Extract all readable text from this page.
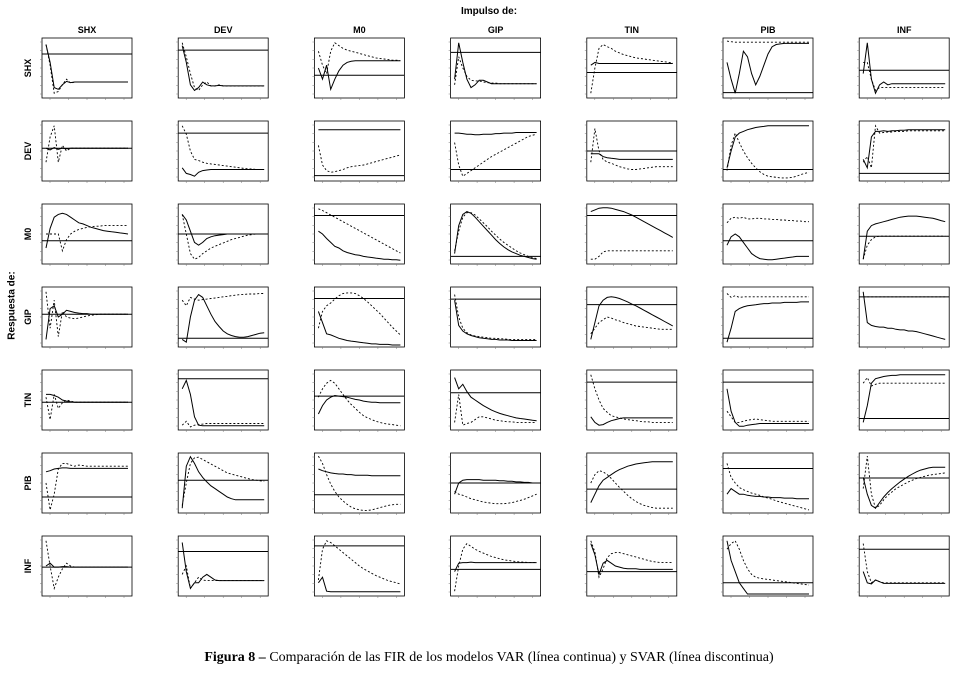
Impulso de:
Respuesta de:
SHX	DEV	M0	GIP	TIN	PIB	INF
SHX
DEV
M0
GIP
TIN
PIB
INF
Figura 8 – Comparación de las FIR de los modelos VAR (línea continua) y SVAR (línea discontinua)
